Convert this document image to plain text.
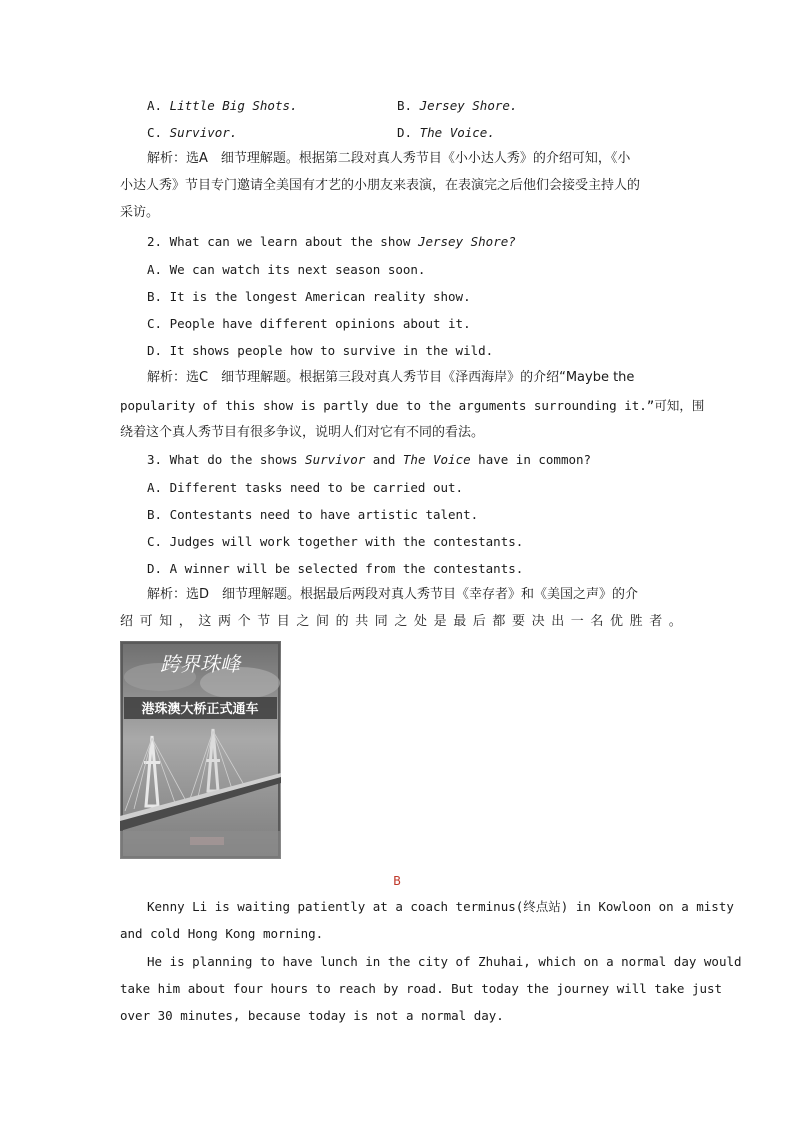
A. Little Big Shots.	B. Jersey Shore.
C. Survivor.	D. The Voice.
解析：选A　细节理解题。根据第二段对真人秀节目《小小达人秀》的介绍可知，《小
小达人秀》节目专门邀请全美国有才艺的小朋友来表演，在表演完之后他们会接受主持人的
采访。
2. What can we learn about the show Jersey Shore?
A. We can watch its next season soon.
B. It is the longest American reality show.
C. People have different opinions about it.
D. It shows people how to survive in the wild.
解析：选C　细节理解题。根据第三段对真人秀节目《泽西海岸》的介绍“Maybe the
popularity of this show is partly due to the arguments surrounding it.”可知，围
绕着这个真人秀节目有很多争议，说明人们对它有不同的看法。
3. What do the shows Survivor and The Voice have in common?
A. Different tasks need to be carried out.
B. Contestants need to have artistic talent.
C. Judges will work together with the contestants.
D. A winner will be selected from the contestants.
解析：选D　细节理解题。根据最后两段对真人秀节目《幸存者》和《美国之声》的介
绍可知，这两个节目之间的共同之处是最后都要决出一名优胜者。
跨界珠峰
港珠澳大桥正式通车
B
Kenny Li is waiting patiently at a coach terminus(终点站) in Kowloon on a misty
and cold Hong Kong morning.
He is planning to have lunch in the city of Zhuhai, which on a normal day would
take him about four hours to reach by road. But today the journey will take just
over 30 minutes, because today is not a normal day.
